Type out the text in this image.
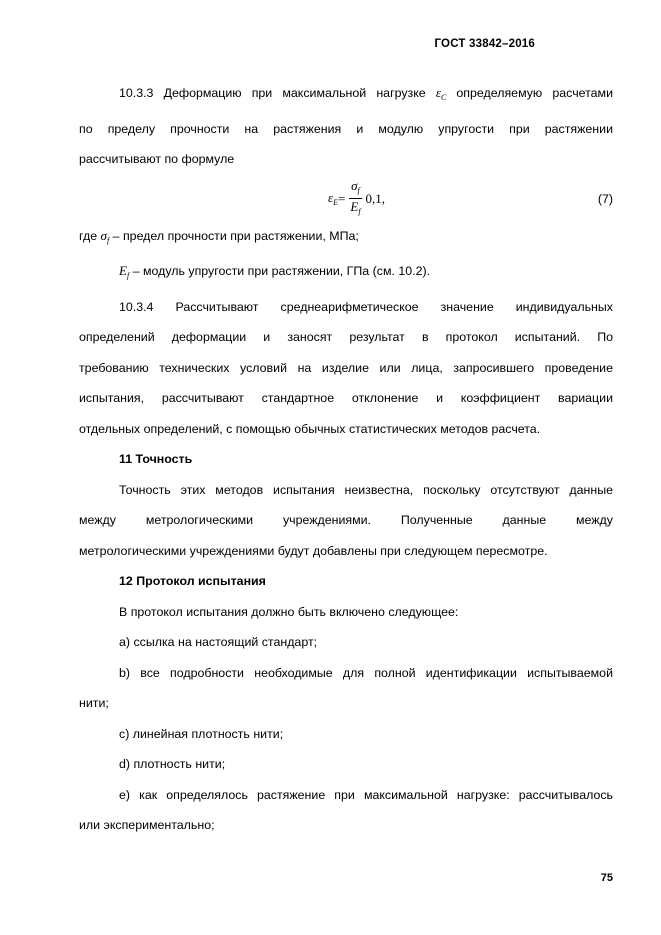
ГОСТ 33842–2016

10.3.3 Деформацию при максимальной нагрузке $\varepsilon_C$ определяемую расчетами

по пределу прочности на растяжения и модулю упругости при растяжении

рассчитывают по формуле

$\varepsilon_E = \frac{\sigma_f}{E_f} 0,1$ ,	(7)

где $\sigma_f$ – предел прочности при растяжении, МПа;

$E_f$ – модуль упругости при растяжении, ГПа (см. 10.2).

10.3.4 Рассчитывают среднеарифметическое значение индивидуальных

определений деформации и заносят результат в протокол испытаний. По

требованию технических условий на изделие или лица, запросившего проведение

испытания, рассчитывают стандартное отклонение и коэффициент вариации

отдельных определений, с помощью обычных статистических методов расчета.

11 Точность

Точность этих методов испытания неизвестна, поскольку отсутствуют данные

между метрологическими учреждениями. Полученные данные между

метрологическими учреждениями будут добавлены при следующем пересмотре.

12 Протокол испытания

В протокол испытания должно быть включено следующее:

a) ссылка на настоящий стандарт;

b) все подробности необходимые для полной идентификации испытываемой

нити;

c) линейная плотность нити;

d) плотность нити;

e) как определялось растяжение при максимальной нагрузке: рассчитывалось

или экспериментально;

75
